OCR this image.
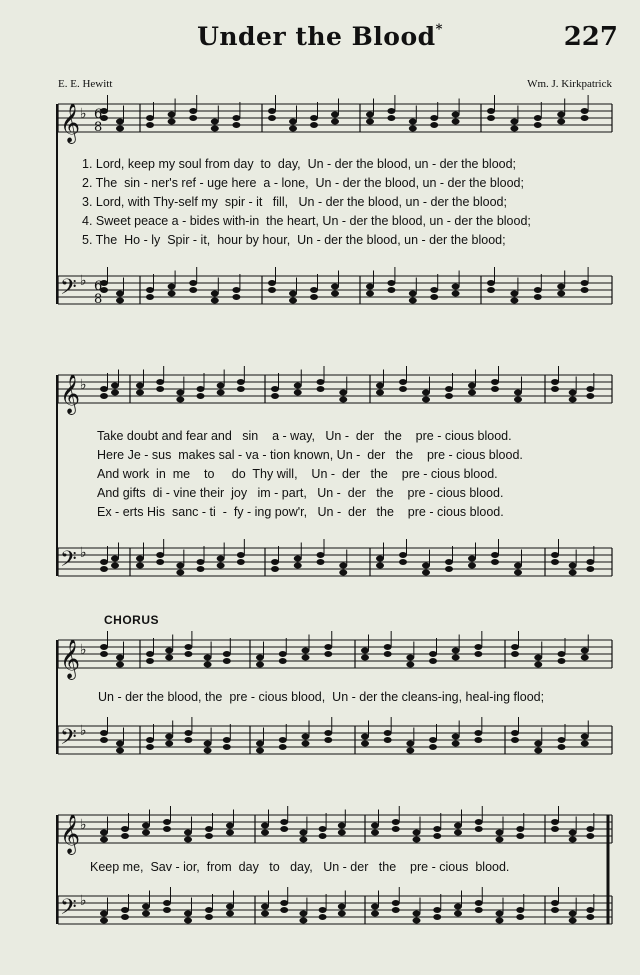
𝄞 ♭ 6
8
𝄢 ♭ 6
8
𝄞 ♭
𝄢 ♭
𝄞 ♭
𝄢 ♭
𝄞 ♭
𝄢 ♭
Under the Blood*	227
E. E. Hewitt	Wm. J. Kirkpatrick
1. Lord, keep my soul from day  to  day,  Un - der the blood, un - der the blood;
2. The  sin - ner's ref - uge here  a - lone,  Un - der the blood, un - der the blood;
3. Lord, with Thy-self my  spir - it   fill,   Un - der the blood, un - der the blood;
4. Sweet peace a - bides with-in  the heart, Un - der the blood, un - der the blood;
5. The  Ho - ly  Spir - it,  hour by hour,  Un - der the blood, un - der the blood;
Take doubt and fear and   sin    a - way,   Un -  der   the    pre - cious blood.
Here Je - sus  makes sal - va - tion known, Un -  der   the    pre - cious blood.
And work  in  me    to     do  Thy will,    Un -  der   the    pre - cious blood.
And gifts  di - vine their  joy   im - part,   Un -  der   the    pre - cious blood.
Ex - erts His  sanc - ti  -  fy - ing pow'r,   Un -  der   the    pre - cious blood.
CHORUS
Un - der the blood, the  pre - cious blood,  Un - der the cleans-ing, heal-ing flood;
Keep me,  Sav - ior,  from  day   to   day,   Un - der   the    pre - cious  blood.
